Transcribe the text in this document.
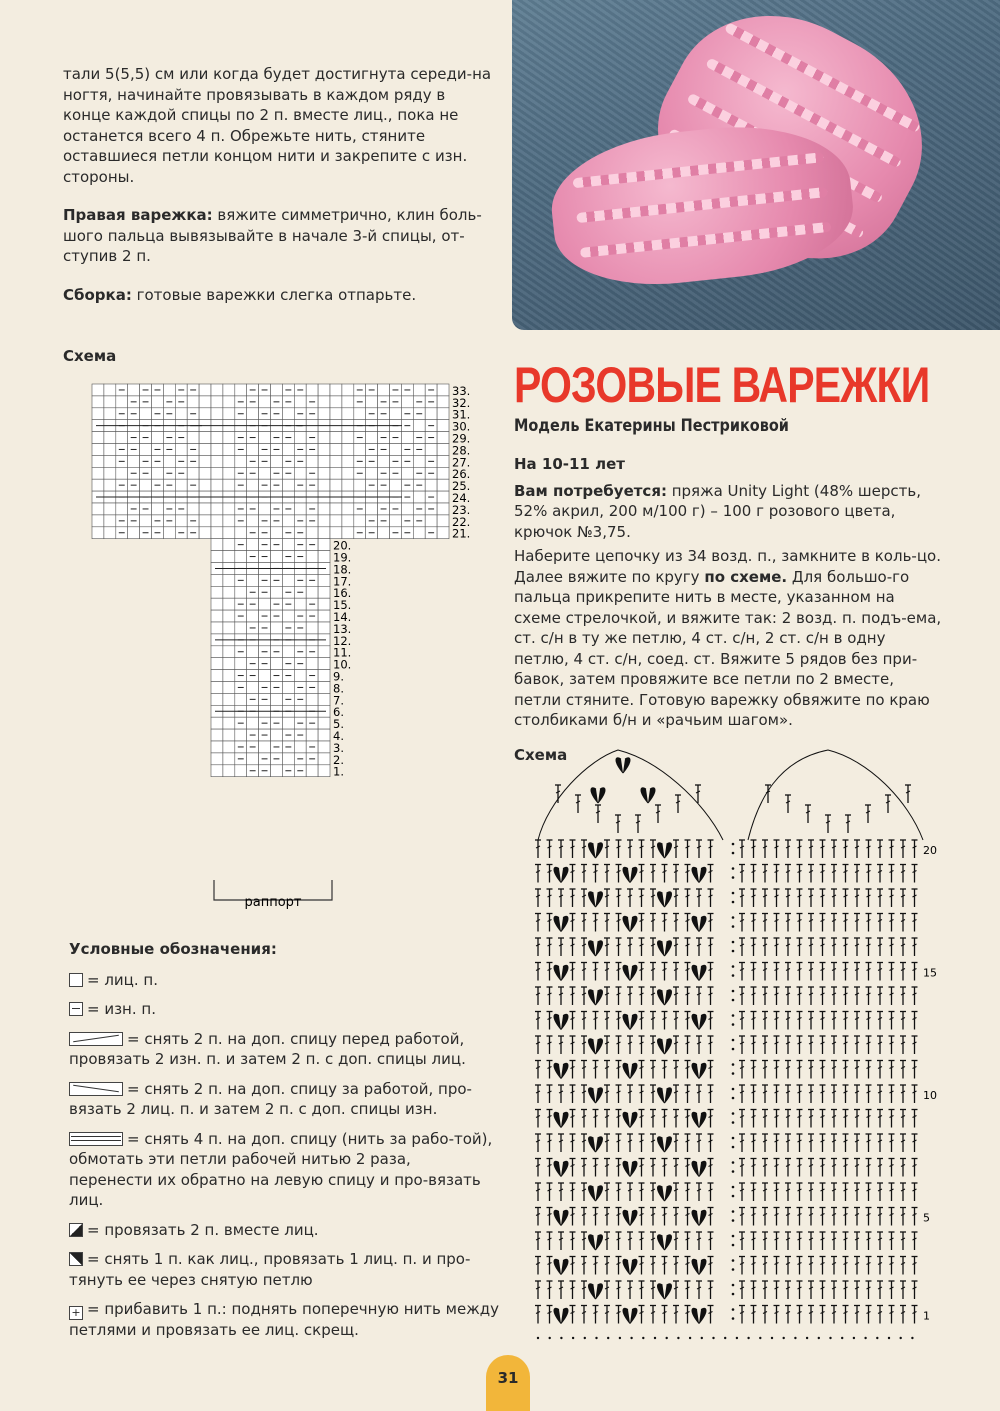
тали 5(5,5) см или когда будет достигнута середи-на ногтя, начинайте провязывать в каждом ряду в конце каждой спицы по 2 п. вместе лиц., пока не останется всего 4 п. Обрежьте нить, стяните оставшиеся петли концом нити и закрепите с изн. стороны.

Правая варежка: вяжите симметрично, клин боль-шого пальца вывязывайте в начале 3-й спицы, от-ступив 2 п.

Сборка: готовые варежки слегка отпарьте.

Схема
33.
32.
31.
30.
29.
28.
27.
26.
25.
24.
23.
22.
21.
20.
19.
18.
17.
16.
15.
14.
13.
12.
11.
10.
9.
8.
7.
6.
5.
4.
3.
2.
1.
раппорт
Условные обозначения:
= лиц. п.
= изн. п.
= снять 2 п. на доп. спицу перед работой, провязать 2 изн. п. и затем 2 п. с доп. спицы лиц.
= снять 2 п. на доп. спицу за работой, про-вязать 2 лиц. п. и затем 2 п. с доп. спицы изн.
= снять 4 п. на доп. спицу (нить за рабо-той), обмотать эти петли рабочей нитью 2 раза, перенести их обратно на левую спицу и про-вязать лиц.
= провязать 2 п. вместе лиц.
= снять 1 п. как лиц., провязать 1 лиц. п. и про-тянуть ее через снятую петлю
+ = прибавить 1 п.: поднять поперечную нить между петлями и провязать ее лиц. скрещ.
РОЗОВЫЕ ВАРЕЖКИ
Модель Екатерины Пестриковой

На 10-11 лет

Вам потребуется: пряжа Unity Light (48% шерсть, 52% акрил, 200 м/100 г) – 100 г розового цвета, крючок №3,75.

Наберите цепочку из 34 возд. п., замкните в коль-цо. Далее вяжите по кругу по схеме. Для большо-го пальца прикрепите нить в месте, указанном на схеме стрелочкой, и вяжите так: 2 возд. п. подъ-ема, ст. с/н в ту же петлю, 4 ст. с/н, 2 ст. с/н в одну петлю, 4 ст. с/н, соед. ст. Вяжите 5 рядов без при-бавок, затем провяжите все петли по 2 вместе, петли стяните. Готовую варежку обвяжите по краю столбиками б/н и «рачьим шагом».

Схема
20
15
10
5
1
31
